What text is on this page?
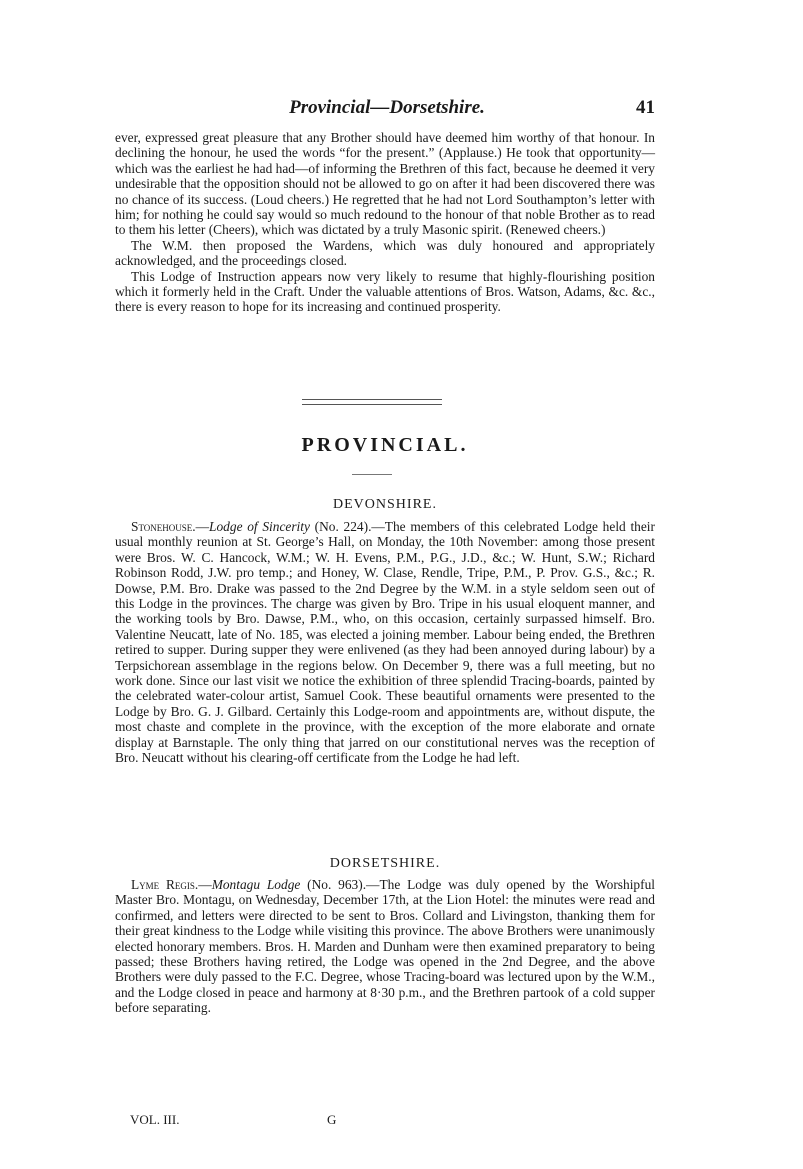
Provincial—Dorsetshire.	41

ever, expressed great pleasure that any Brother should have deemed him worthy of that honour. In declining the honour, he used the words “for the present.” (Applause.) He took that opportunity—which was the earliest he had had—of informing the Brethren of this fact, because he deemed it very undesirable that the opposition should not be allowed to go on after it had been discovered there was no chance of its success. (Loud cheers.) He regretted that he had not Lord Southampton’s letter with him; for nothing he could say would so much redound to the honour of that noble Brother as to read to them his letter (Cheers), which was dictated by a truly Masonic spirit. (Renewed cheers.)

The W.M. then proposed the Wardens, which was duly honoured and appropriately acknowledged, and the proceedings closed.

This Lodge of Instruction appears now very likely to resume that highly-flourishing position which it formerly held in the Craft. Under the valuable attentions of Bros. Watson, Adams, &c. &c., there is every reason to hope for its increasing and continued prosperity.

PROVINCIAL.
DEVONSHIRE.

Stonehouse.—Lodge of Sincerity (No. 224).—The members of this celebrated Lodge held their usual monthly reunion at St. George’s Hall, on Monday, the 10th November: among those present were Bros. W. C. Hancock, W.M.; W. H. Evens, P.M., P.G., J.D., &c.; W. Hunt, S.W.; Richard Robinson Rodd, J.W. pro temp.; and Honey, W. Clase, Rendle, Tripe, P.M., P. Prov. G.S., &c.; R. Dowse, P.M. Bro. Drake was passed to the 2nd Degree by the W.M. in a style seldom seen out of this Lodge in the provinces. The charge was given by Bro. Tripe in his usual eloquent manner, and the working tools by Bro. Dawse, P.M., who, on this occasion, certainly surpassed himself. Bro. Valentine Neucatt, late of No. 185, was elected a joining member. Labour being ended, the Brethren retired to supper. During supper they were enlivened (as they had been annoyed during labour) by a Terpsichorean assemblage in the regions below. On December 9, there was a full meeting, but no work done. Since our last visit we notice the exhibition of three splendid Tracing-boards, painted by the celebrated water-colour artist, Samuel Cook. These beautiful ornaments were presented to the Lodge by Bro. G. J. Gilbard. Certainly this Lodge-room and appointments are, without dispute, the most chaste and complete in the province, with the exception of the more elaborate and ornate display at Barnstaple. The only thing that jarred on our constitutional nerves was the reception of Bro. Neucatt without his clearing-off certificate from the Lodge he had left.

DORSETSHIRE.

Lyme Regis.—Montagu Lodge (No. 963).—The Lodge was duly opened by the Worshipful Master Bro. Montagu, on Wednesday, December 17th, at the Lion Hotel: the minutes were read and confirmed, and letters were directed to be sent to Bros. Collard and Livingston, thanking them for their great kindness to the Lodge while visiting this province. The above Brothers were unanimously elected honorary members. Bros. H. Marden and Dunham were then examined preparatory to being passed; these Brothers having retired, the Lodge was opened in the 2nd Degree, and the above Brothers were duly passed to the F.C. Degree, whose Tracing-board was lectured upon by the W.M., and the Lodge closed in peace and harmony at 8·30 p.m., and the Brethren partook of a cold supper before separating.

VOL. III.	G
